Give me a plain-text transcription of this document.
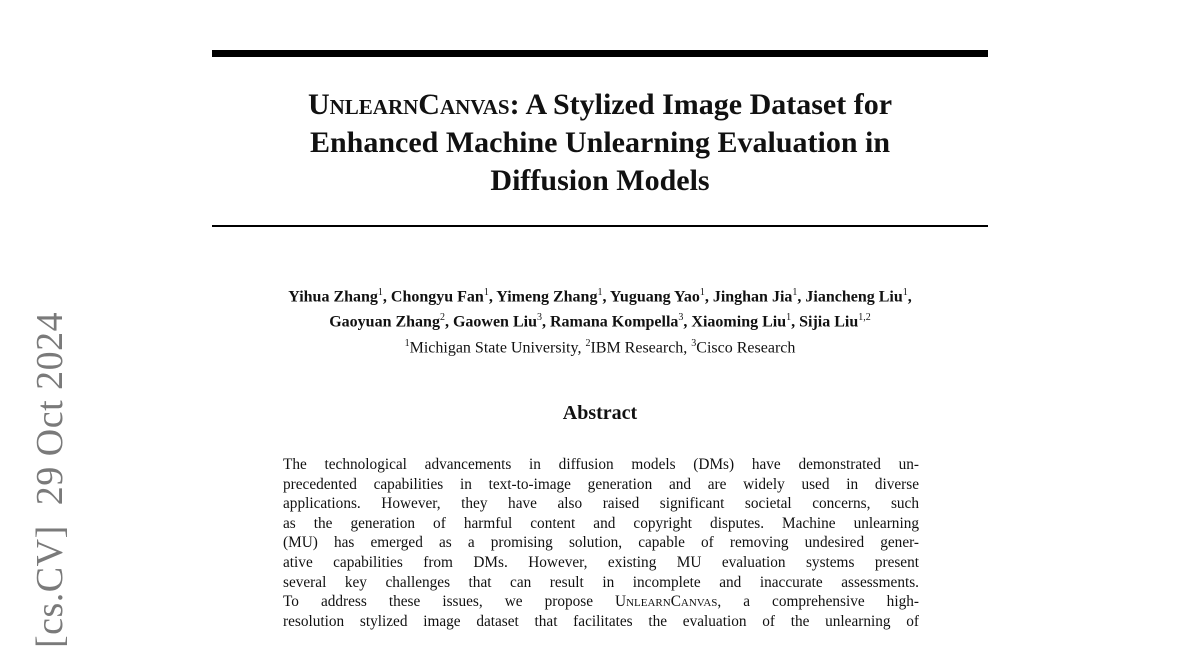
[cs.CV]  29 Oct 2024
UnlearnCanvas: A Stylized Image Dataset for
Enhanced Machine Unlearning Evaluation in
Diffusion Models
Yihua Zhang$^1$, Chongyu Fan$^1$, Yimeng Zhang$^1$, Yuguang Yao$^1$, Jinghan Jia$^1$, Jiancheng Liu$^1$,
Gaoyuan Zhang$^2$, Gaowen Liu$^3$, Ramana Kompella$^3$, Xiaoming Liu$^1$, Sijia Liu$^{1,2}$
$^1$Michigan State University, $^2$IBM Research, $^3$Cisco Research
Abstract

The technological advancements in diffusion models (DMs) have demonstrated un-
precedented capabilities in text-to-image generation and are widely used in diverse
applications. However, they have also raised significant societal concerns, such
as the generation of harmful content and copyright disputes. Machine unlearning
(MU) has emerged as a promising solution, capable of removing undesired gener-
ative capabilities from DMs. However, existing MU evaluation systems present
several key challenges that can result in incomplete and inaccurate assessments.
To address these issues, we propose UnlearnCanvas, a comprehensive high-
resolution stylized image dataset that facilitates the evaluation of the unlearning of
